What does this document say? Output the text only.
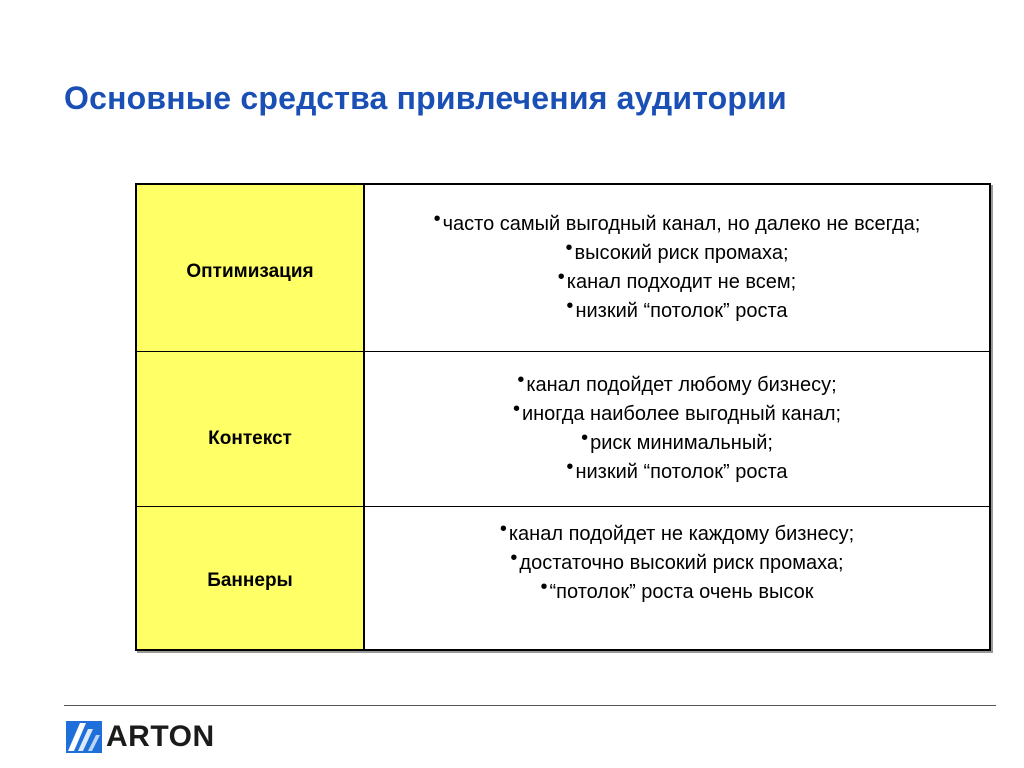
Основные средства привлечения аудитории
Оптимизация
• часто самый выгодный канал, но далеко не всегда;
• высокий риск промаха;
• канал подходит не всем;
• низкий “потолок” роста
Контекст
• канал подойдет любому бизнесу;
• иногда наиболее выгодный канал;
• риск минимальный;
• низкий “потолок” роста
Баннеры
• канал подойдет не каждому бизнесу;
• достаточно высокий риск промаха;
• “потолок” роста очень высок
ARTON
